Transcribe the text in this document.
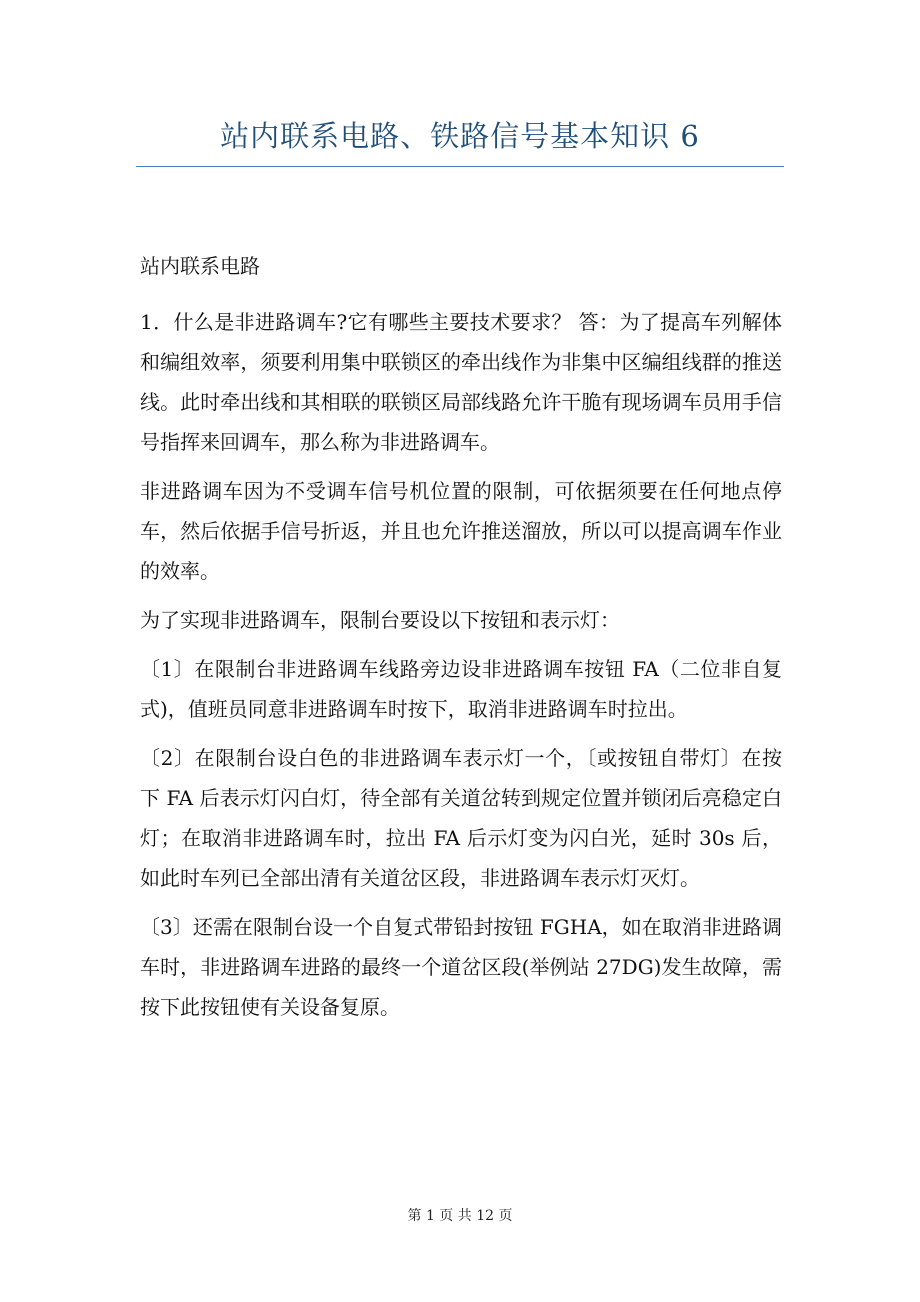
站内联系电路、铁路信号基本知识 6

站内联系电路

1．什么是非进路调车?它有哪些主要技术要求？ 答：为了提高车列解体和编组效率，须要利用集中联锁区的牵出线作为非集中区编组线群的推送线。此时牵出线和其相联的联锁区局部线路允许干脆有现场调车员用手信号指挥来回调车，那么称为非进路调车。

非进路调车因为不受调车信号机位置的限制，可依据须要在任何地点停车，然后依据手信号折返，并且也允许推送溜放，所以可以提高调车作业的效率。

为了实现非进路调车，限制台要设以下按钮和表示灯：

〔1〕在限制台非进路调车线路旁边设非进路调车按钮 FA（二位非自复式)，值班员同意非进路调车时按下，取消非进路调车时拉出。

〔2〕在限制台设白色的非进路调车表示灯一个，〔或按钮自带灯〕在按下 FA 后表示灯闪白灯，待全部有关道岔转到规定位置并锁闭后亮稳定白灯；在取消非进路调车时，拉出 FA 后示灯变为闪白光，延时 30s 后，如此时车列已全部出清有关道岔区段，非进路调车表示灯灭灯。

〔3〕还需在限制台设一个自复式带铅封按钮 FGHA，如在取消非进路调车时，非进路调车进路的最终一个道岔区段(举例站 27DG)发生故障，需按下此按钮使有关设备复原。

第 1 页 共 12 页
